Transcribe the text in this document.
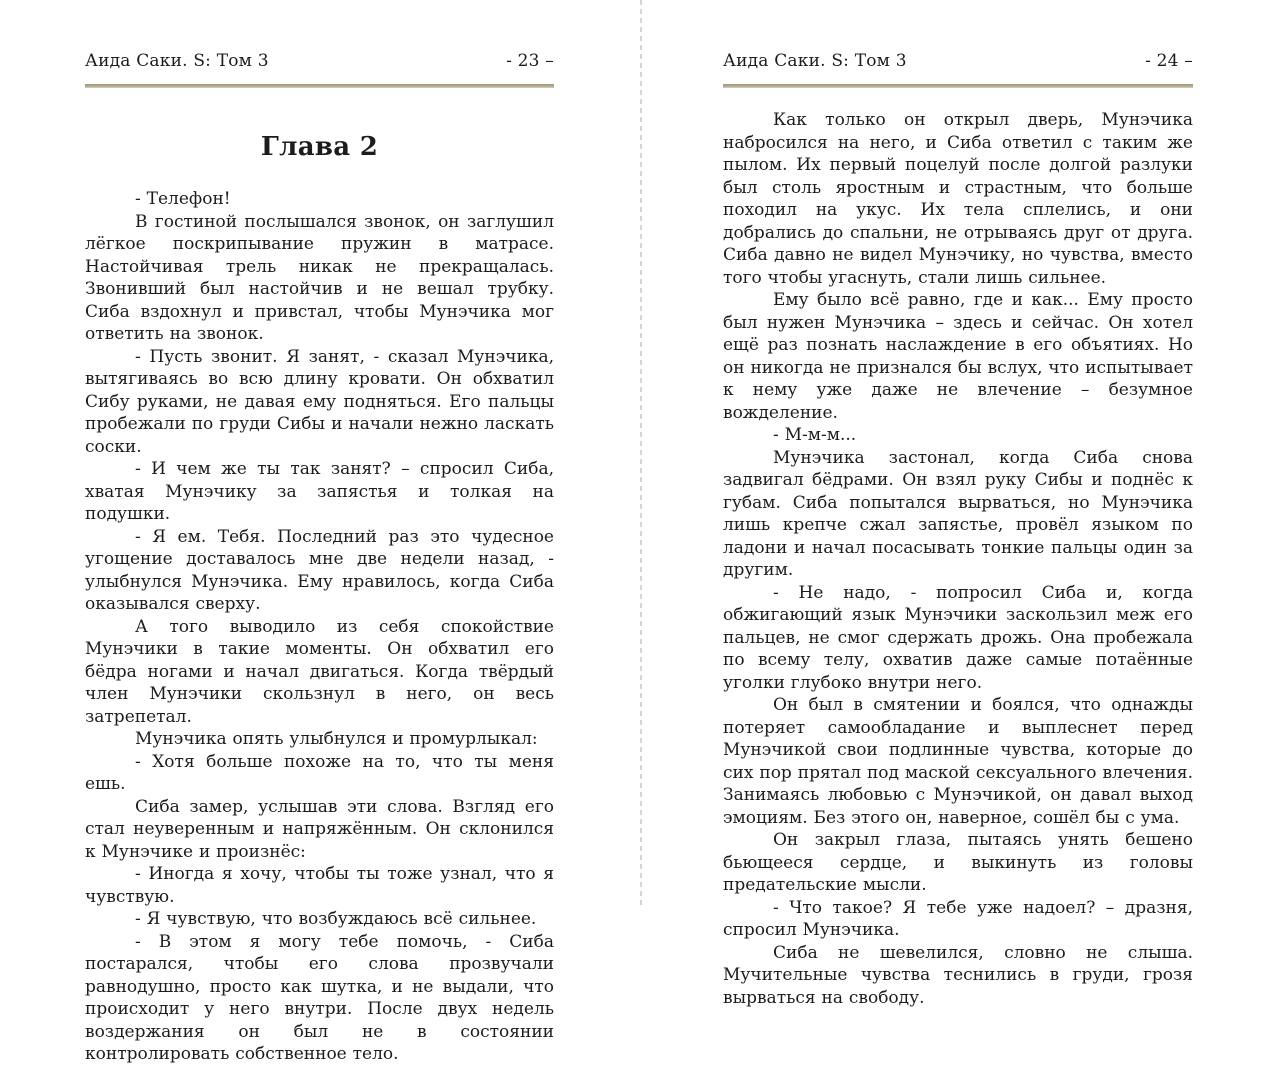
Аида Саки. S: Том 3	- 23 –
Глава 2

- Телефон!

В гостиной послышался звонок, он заглушил лёгкое поскрипывание пружин в матрасе. Настойчивая трель никак не прекращалась. Звонивший был настойчив и не вешал трубку. Сиба вздохнул и привстал, чтобы Мунэчика мог ответить на звонок.

- Пусть звонит. Я занят, - сказал Мунэчика, вытягиваясь во всю длину кровати. Он обхватил Сибу руками, не давая ему подняться. Его пальцы пробежали по груди Сибы и начали нежно ласкать соски.

- И чем же ты так занят? – спросил Сиба, хватая Мунэчику за запястья и толкая на подушки.

- Я ем. Тебя. Последний раз это чудесное угощение доставалось мне две недели назад, - улыбнулся Мунэчика. Ему нравилось, когда Сиба оказывался сверху.

А того выводило из себя спокойствие Мунэчики в такие моменты. Он обхватил его бёдра ногами и начал двигаться. Когда твёрдый член Мунэчики скользнул в него, он весь затрепетал.

Мунэчика опять улыбнулся и промурлыкал:

- Хотя больше похоже на то, что ты меня ешь.

Сиба замер, услышав эти слова. Взгляд его стал неуверенным и напряжённым. Он склонился к Мунэчике и произнёс:

- Иногда я хочу, чтобы ты тоже узнал, что я чувствую.

- Я чувствую, что возбуждаюсь всё сильнее.

- В этом я могу тебе помочь, - Сиба постарался, чтобы его слова прозвучали равнодушно, просто как шутка, и не выдали, что происходит у него внутри. После двух недель воздержания он был не в состоянии контролировать собственное тело.

Аида Саки. S: Том 3	- 24 –

Как только он открыл дверь, Мунэчика набросился на него, и Сиба ответил с таким же пылом. Их первый поцелуй после долгой разлуки был столь яростным и страстным, что больше походил на укус. Их тела сплелись, и они добрались до спальни, не отрываясь друг от друга. Сиба давно не видел Мунэчику, но чувства, вместо того чтобы угаснуть, стали лишь сильнее.

Ему было всё равно, где и как... Ему просто был нужен Мунэчика – здесь и сейчас. Он хотел ещё раз познать наслаждение в его объятиях. Но он никогда не признался бы вслух, что испытывает к нему уже даже не влечение – безумное вожделение.

- М-м-м...

Мунэчика застонал, когда Сиба снова задвигал бёдрами. Он взял руку Сибы и поднёс к губам. Сиба попытался вырваться, но Мунэчика лишь крепче сжал запястье, провёл языком по ладони и начал посасывать тонкие пальцы один за другим.

- Не надо, - попросил Сиба и, когда обжигающий язык Мунэчики заскользил меж его пальцев, не смог сдержать дрожь. Она пробежала по всему телу, охватив даже самые потаённые уголки глубоко внутри него.

Он был в смятении и боялся, что однажды потеряет самообладание и выплеснет перед Мунэчикой свои подлинные чувства, которые до сих пор прятал под маской сексуального влечения. Занимаясь любовью с Мунэчикой, он давал выход эмоциям. Без этого он, наверное, сошёл бы с ума.

Он закрыл глаза, пытаясь унять бешено бьющееся сердце, и выкинуть из головы предательские мысли.

- Что такое? Я тебе уже надоел? – дразня, спросил Мунэчика.

Сиба не шевелился, словно не слыша. Мучительные чувства теснились в груди, грозя вырваться на свободу.
